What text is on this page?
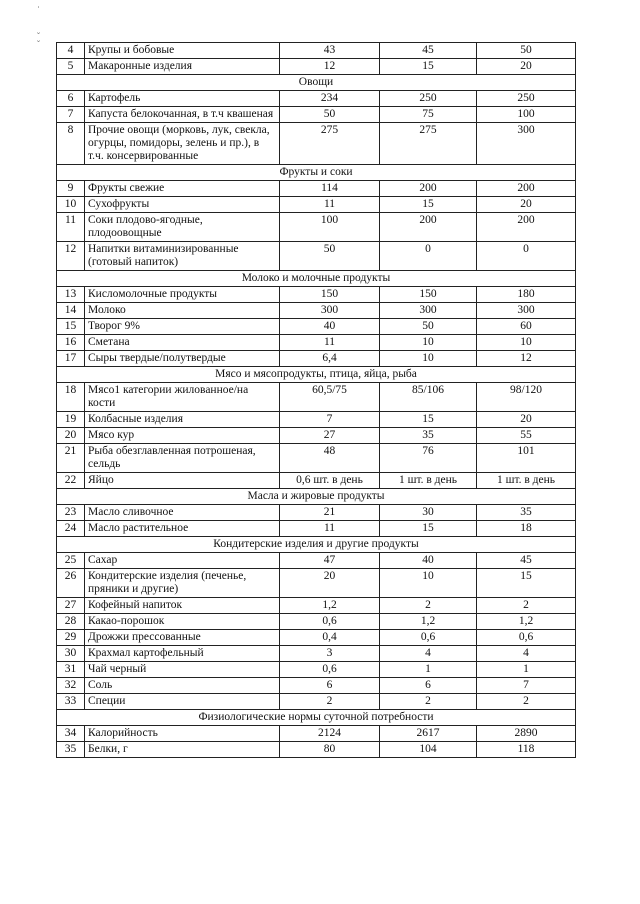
˙
˘
˘ 4	Крупы и бобовые	43	45	50
5	Макаронные изделия	12	15	20
Овощи				
6	Картофель	234	250	250
7	Капуста белокочанная, в т.ч квашеная	50	75	100
8	Прочие овощи (морковь, лук, свекла, огурцы, помидоры, зелень и пр.), в т.ч. консервированные	275	275	300
Фрукты и соки				
9	Фрукты свежие	114	200	200
10	Сухофрукты	11	15	20
11	Соки плодово-ягодные, плодоовощные	100	200	200
12	Напитки витаминизированные (готовый напиток)	50	0	0
Молоко и молочные продукты				
13	Кисломолочные продукты	150	150	180
14	Молоко	300	300	300
15	Творог 9%	40	50	60
16	Сметана	11	10	10
17	Сыры твердые/полутвердые	6,4	10	12
Мясо и мясопродукты, птица, яйца, рыба				
18	Мясо1 категории жилованное/на кости	60,5/75	85/106	98/120
19	Колбасные изделия	7	15	20
20	Мясо кур	27	35	55
21	Рыба обезглавленная потрошеная, сельдь	48	76	101
22	Яйцо	0,6 шт. в день	1 шт. в день	1 шт. в день
Масла и жировые продукты				
23	Масло сливочное	21	30	35
24	Масло растительное	11	15	18
Кондитерские изделия и другие продукты				
25	Сахар	47	40	45
26	Кондитерские изделия (печенье, пряники и другие)	20	10	15
27	Кофейный напиток	1,2	2	2
28	Какао-порошок	0,6	1,2	1,2
29	Дрожжи прессованные	0,4	0,6	0,6
30	Крахмал картофельный	3	4	4
31	Чай черный	0,6	1	1
32	Соль	6	6	7
33	Специи	2	2	2
Физиологические нормы суточной потребности				
34	Калорийность	2124	2617	2890
35	Белки, г	80	104	118
